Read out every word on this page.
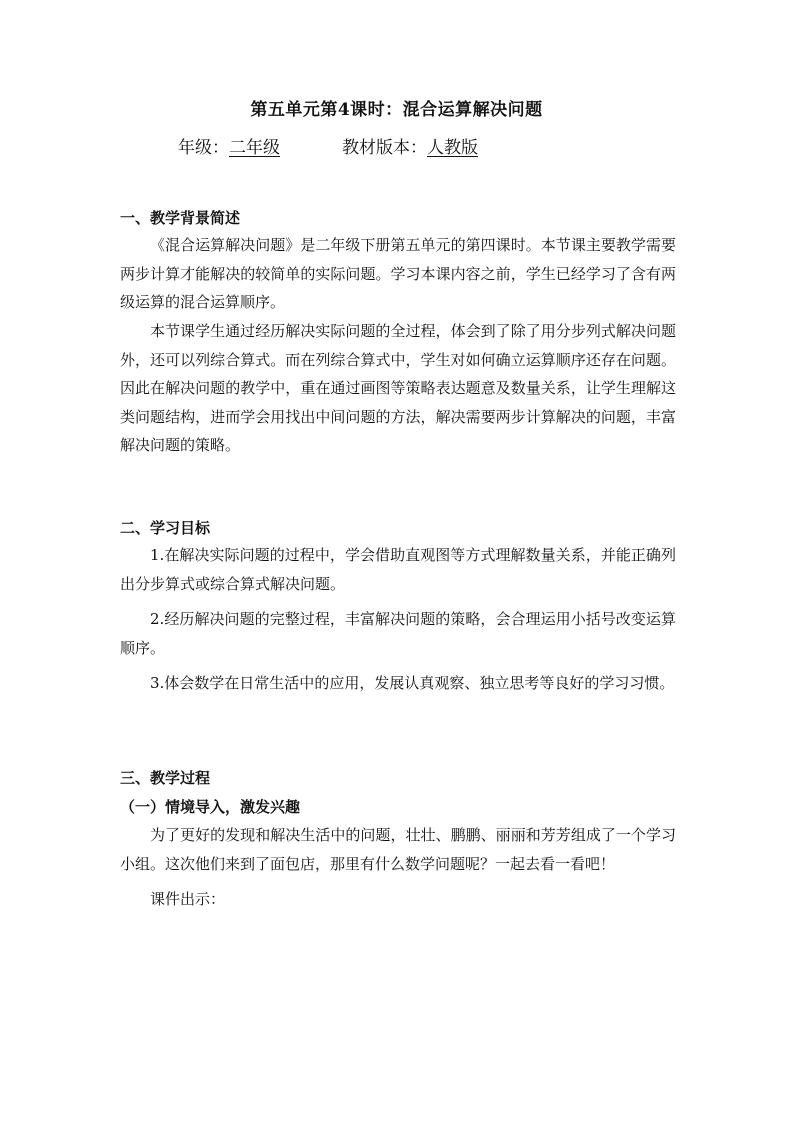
第五单元第4课时：混合运算解决问题
年级：二年级	教材版本：人教版
一、教学背景简述

《混合运算解决问题》是二年级下册第五单元的第四课时。本节课主要教学需要两步计算才能解决的较简单的实际问题。学习本课内容之前，学生已经学习了含有两级运算的混合运算顺序。

本节课学生通过经历解决实际问题的全过程，体会到了除了用分步列式解决问题外，还可以列综合算式。而在列综合算式中，学生对如何确立运算顺序还存在问题。因此在解决问题的教学中，重在通过画图等策略表达题意及数量关系，让学生理解这类问题结构，进而学会用找出中间问题的方法，解决需要两步计算解决的问题，丰富解决问题的策略。

二、学习目标

1.在解决实际问题的过程中，学会借助直观图等方式理解数量关系，并能正确列出分步算式或综合算式解决问题。

2.经历解决问题的完整过程，丰富解决问题的策略，会合理运用小括号改变运算顺序。

3.体会数学在日常生活中的应用，发展认真观察、独立思考等良好的学习习惯。

三、教学过程
（一）情境导入，激发兴趣

为了更好的发现和解决生活中的问题，壮壮、鹏鹏、丽丽和芳芳组成了一个学习小组。这次他们来到了面包店，那里有什么数学问题呢？一起去看一看吧！

课件出示：
